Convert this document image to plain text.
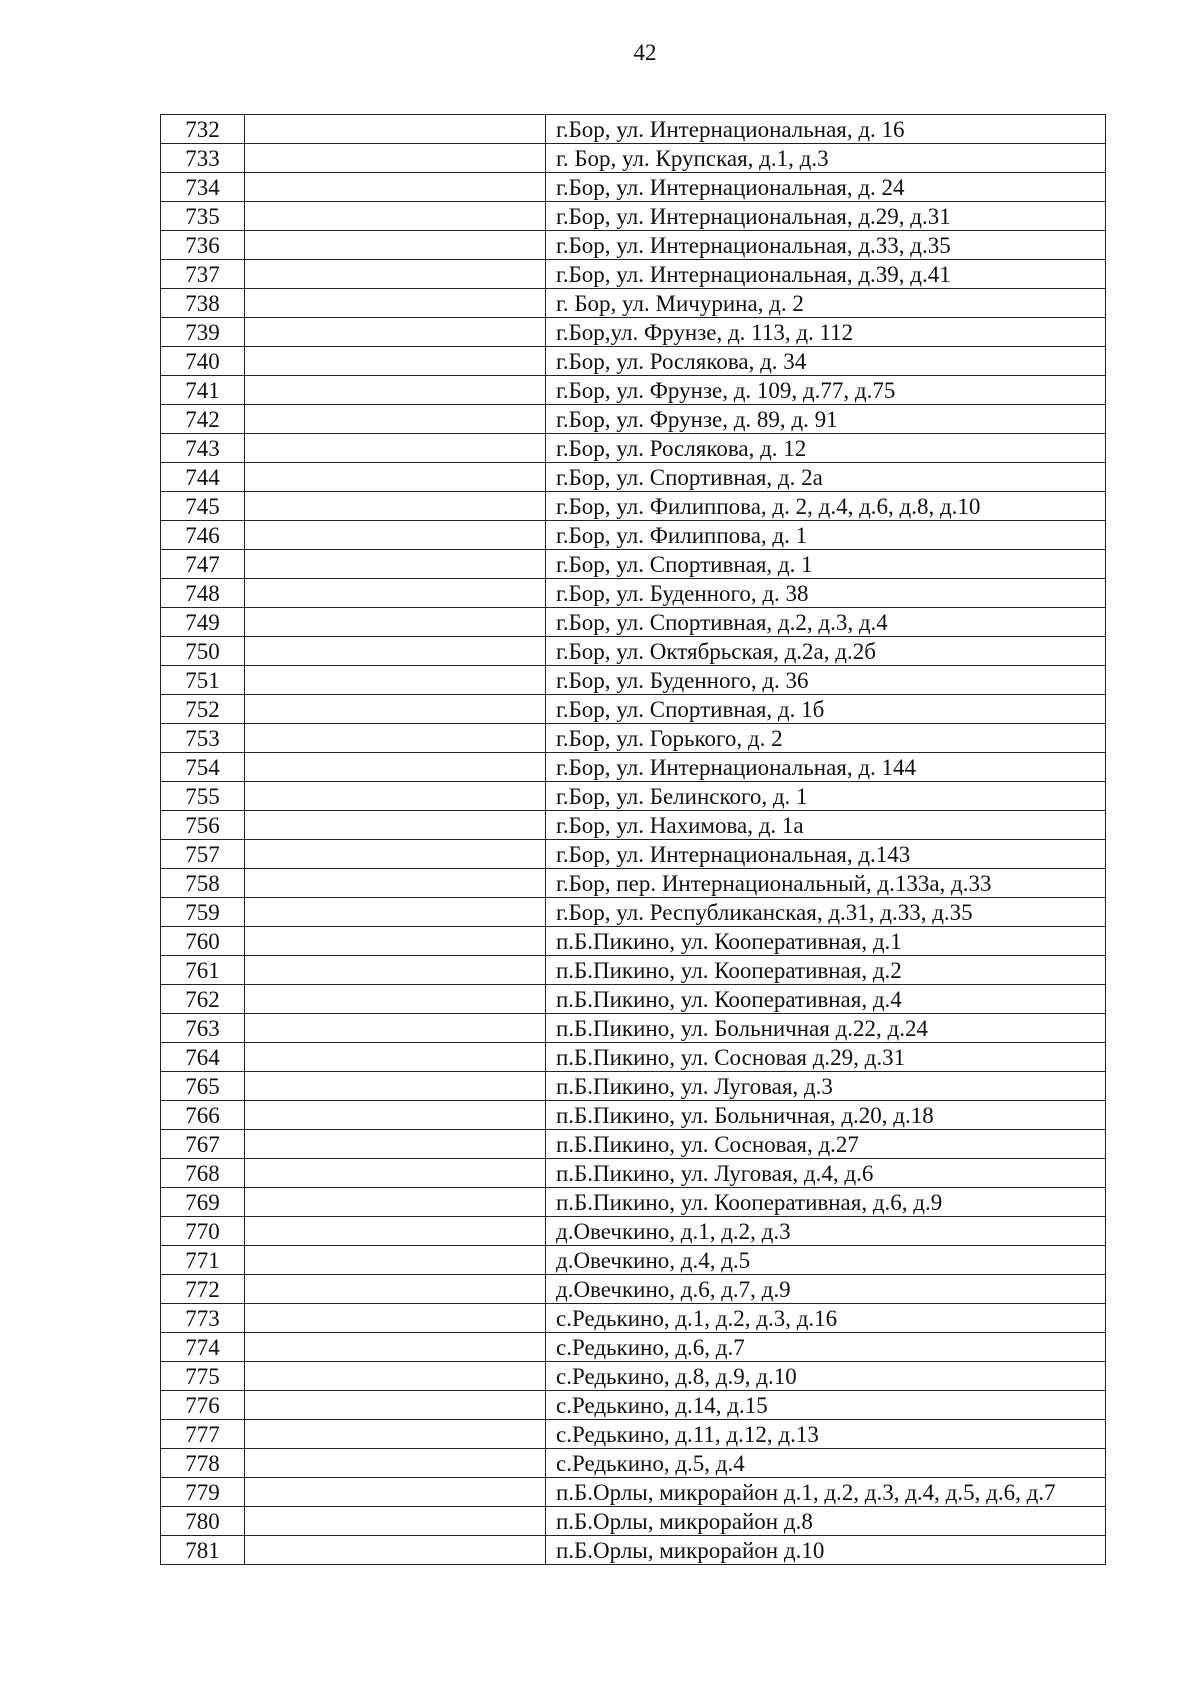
42
732		г.Бор, ул. Интернациональная, д. 16
733		г. Бор, ул. Крупская, д.1, д.3
734		г.Бор, ул. Интернациональная, д. 24
735		г.Бор, ул. Интернациональная, д.29, д.31
736		г.Бор, ул. Интернациональная, д.33, д.35
737		г.Бор, ул. Интернациональная, д.39, д.41
738		г. Бор, ул. Мичурина, д. 2
739		г.Бор,ул. Фрунзе, д. 113, д. 112
740		г.Бор, ул. Рослякова, д. 34
741		г.Бор, ул. Фрунзе, д. 109, д.77, д.75
742		г.Бор, ул. Фрунзе, д. 89, д. 91
743		г.Бор, ул. Рослякова, д. 12
744		г.Бор, ул. Спортивная, д. 2а
745		г.Бор, ул. Филиппова, д. 2, д.4, д.6, д.8, д.10
746		г.Бор, ул. Филиппова, д. 1
747		г.Бор, ул. Спортивная, д. 1
748		г.Бор, ул. Буденного, д. 38
749		г.Бор, ул. Спортивная, д.2, д.3, д.4
750		г.Бор, ул. Октябрьская, д.2а, д.2б
751		г.Бор, ул. Буденного, д. 36
752		г.Бор, ул. Спортивная, д. 1б
753		г.Бор, ул. Горького, д. 2
754		г.Бор, ул. Интернациональная, д. 144
755		г.Бор, ул. Белинского, д. 1
756		г.Бор, ул. Нахимова, д. 1а
757		г.Бор, ул. Интернациональная, д.143
758		г.Бор, пер. Интернациональный, д.133а, д.33
759		г.Бор, ул. Республиканская, д.31, д.33, д.35
760		п.Б.Пикино, ул. Кооперативная, д.1
761		п.Б.Пикино, ул. Кооперативная, д.2
762		п.Б.Пикино, ул. Кооперативная, д.4
763		п.Б.Пикино, ул. Больничная д.22, д.24
764		п.Б.Пикино, ул. Сосновая д.29, д.31
765		п.Б.Пикино, ул. Луговая, д.3
766		п.Б.Пикино, ул. Больничная, д.20, д.18
767		п.Б.Пикино, ул. Сосновая, д.27
768		п.Б.Пикино, ул. Луговая, д.4, д.6
769		п.Б.Пикино, ул. Кооперативная, д.6, д.9
770		д.Овечкино, д.1, д.2, д.3
771		д.Овечкино, д.4, д.5
772		д.Овечкино, д.6, д.7, д.9
773		с.Редькино, д.1, д.2, д.3, д.16
774		с.Редькино, д.6, д.7
775		с.Редькино, д.8, д.9, д.10
776		с.Редькино, д.14, д.15
777		с.Редькино, д.11, д.12, д.13
778		с.Редькино, д.5, д.4
779		п.Б.Орлы, микрорайон д.1, д.2, д.3, д.4, д.5, д.6, д.7
780		п.Б.Орлы, микрорайон д.8
781		п.Б.Орлы, микрорайон д.10
